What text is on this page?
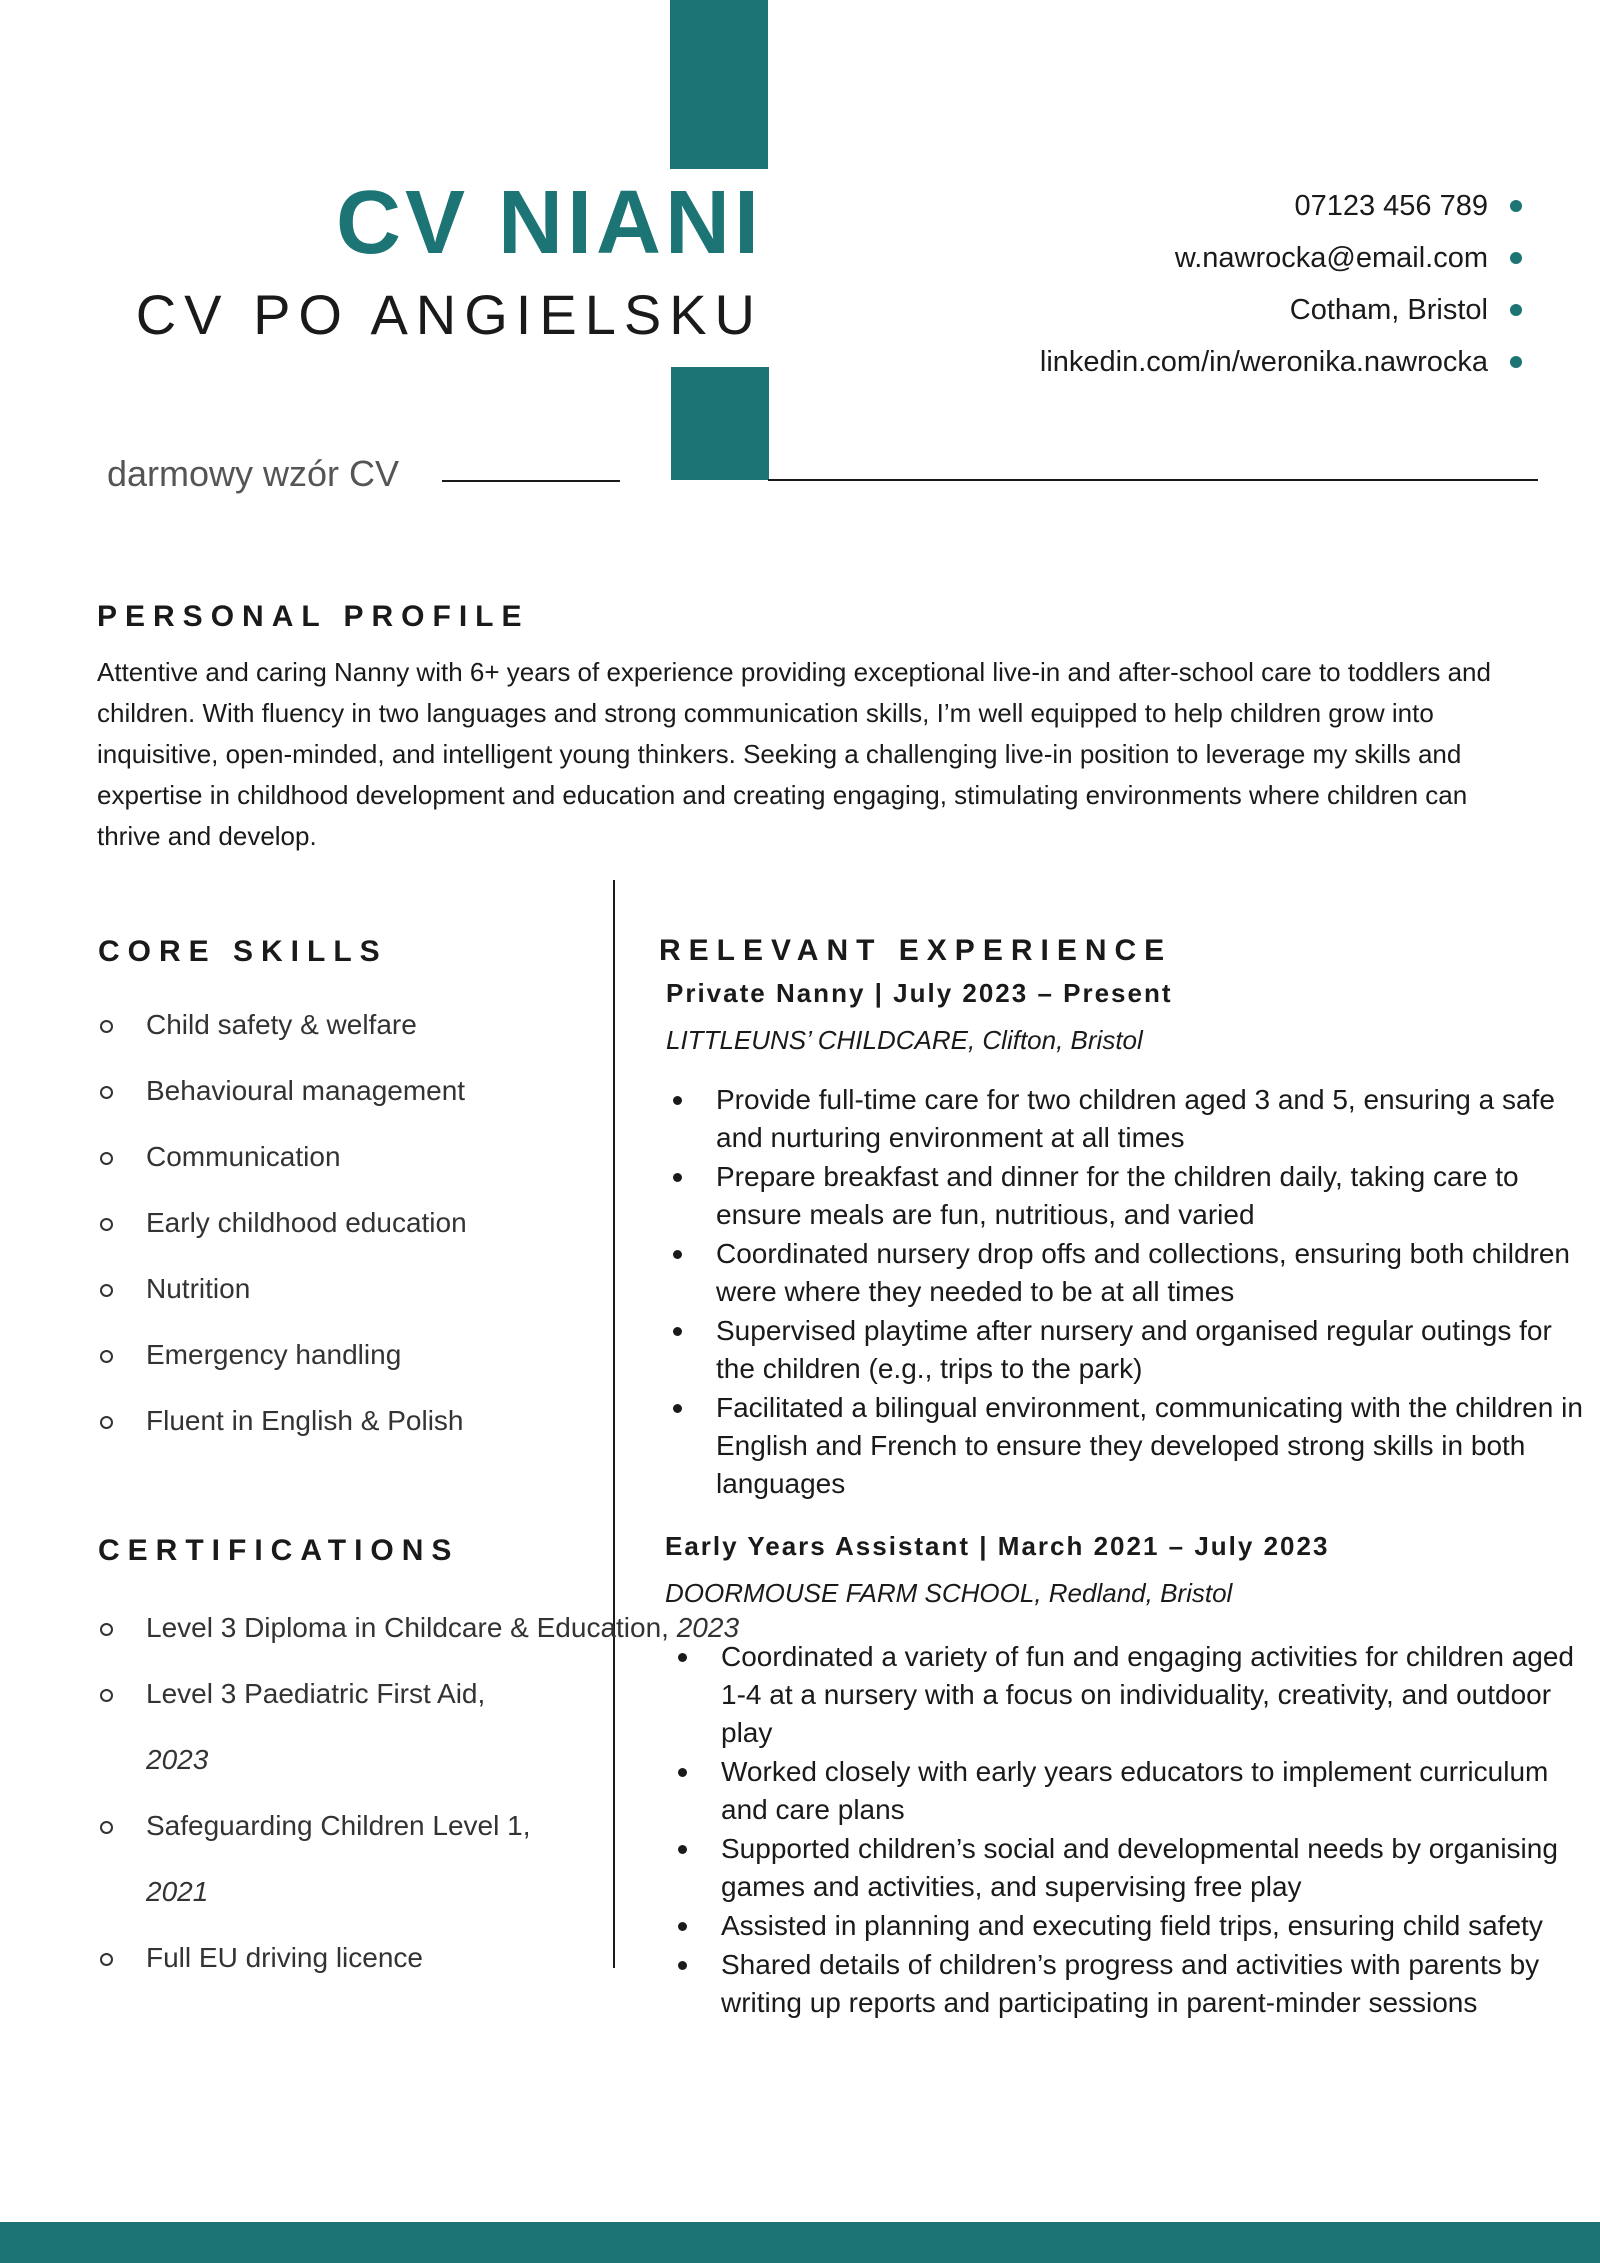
CV NIANI
CV PO ANGIELSKU
07123 456 789
w.nawrocka@email.com
Cotham, Bristol
linkedin.com/in/weronika.nawrocka
darmowy wzór CV
PERSONAL PROFILE
Attentive and caring Nanny with 6+ years of experience providing exceptional live-in and after-school care to toddlers and children. With fluency in two languages and strong communication skills, I’m well equipped to help children grow into inquisitive, open-minded, and intelligent young thinkers. Seeking a challenging live-in position to leverage my skills and expertise in childhood development and education and creating engaging, stimulating environments where children can thrive and develop.
CORE SKILLS
Child safety & welfare
Behavioural management
Communication
Early childhood education
Nutrition
Emergency handling
Fluent in English & Polish
CERTIFICATIONS
Level 3 Diploma in Childcare & Education, 2023
Level 3 Paediatric First Aid,
2023
Safeguarding Children Level 1,
2021
Full EU driving licence
RELEVANT EXPERIENCE
Private Nanny | July 2023 – Present
LITTLEUNS’ CHILDCARE, Clifton, Bristol
Provide full-time care for two children aged 3 and 5, ensuring a safe and nurturing environment at all times
Prepare breakfast and dinner for the children daily, taking care to ensure meals are fun, nutritious, and varied
Coordinated nursery drop offs and collections, ensuring both children were where they needed to be at all times
Supervised playtime after nursery and organised regular outings for the children (e.g., trips to the park)
Facilitated a bilingual environment, communicating with the children in English and French to ensure they developed strong skills in both languages
Early Years Assistant | March 2021 – July 2023
DOORMOUSE FARM SCHOOL, Redland, Bristol
Coordinated a variety of fun and engaging activities for children aged 1-4 at a nursery with a focus on individuality, creativity, and outdoor play
Worked closely with early years educators to implement curriculum and care plans
Supported children’s social and developmental needs by organising games and activities, and supervising free play
Assisted in planning and executing field trips, ensuring child safety
Shared details of children’s progress and activities with parents by writing up reports and participating in parent-minder sessions
